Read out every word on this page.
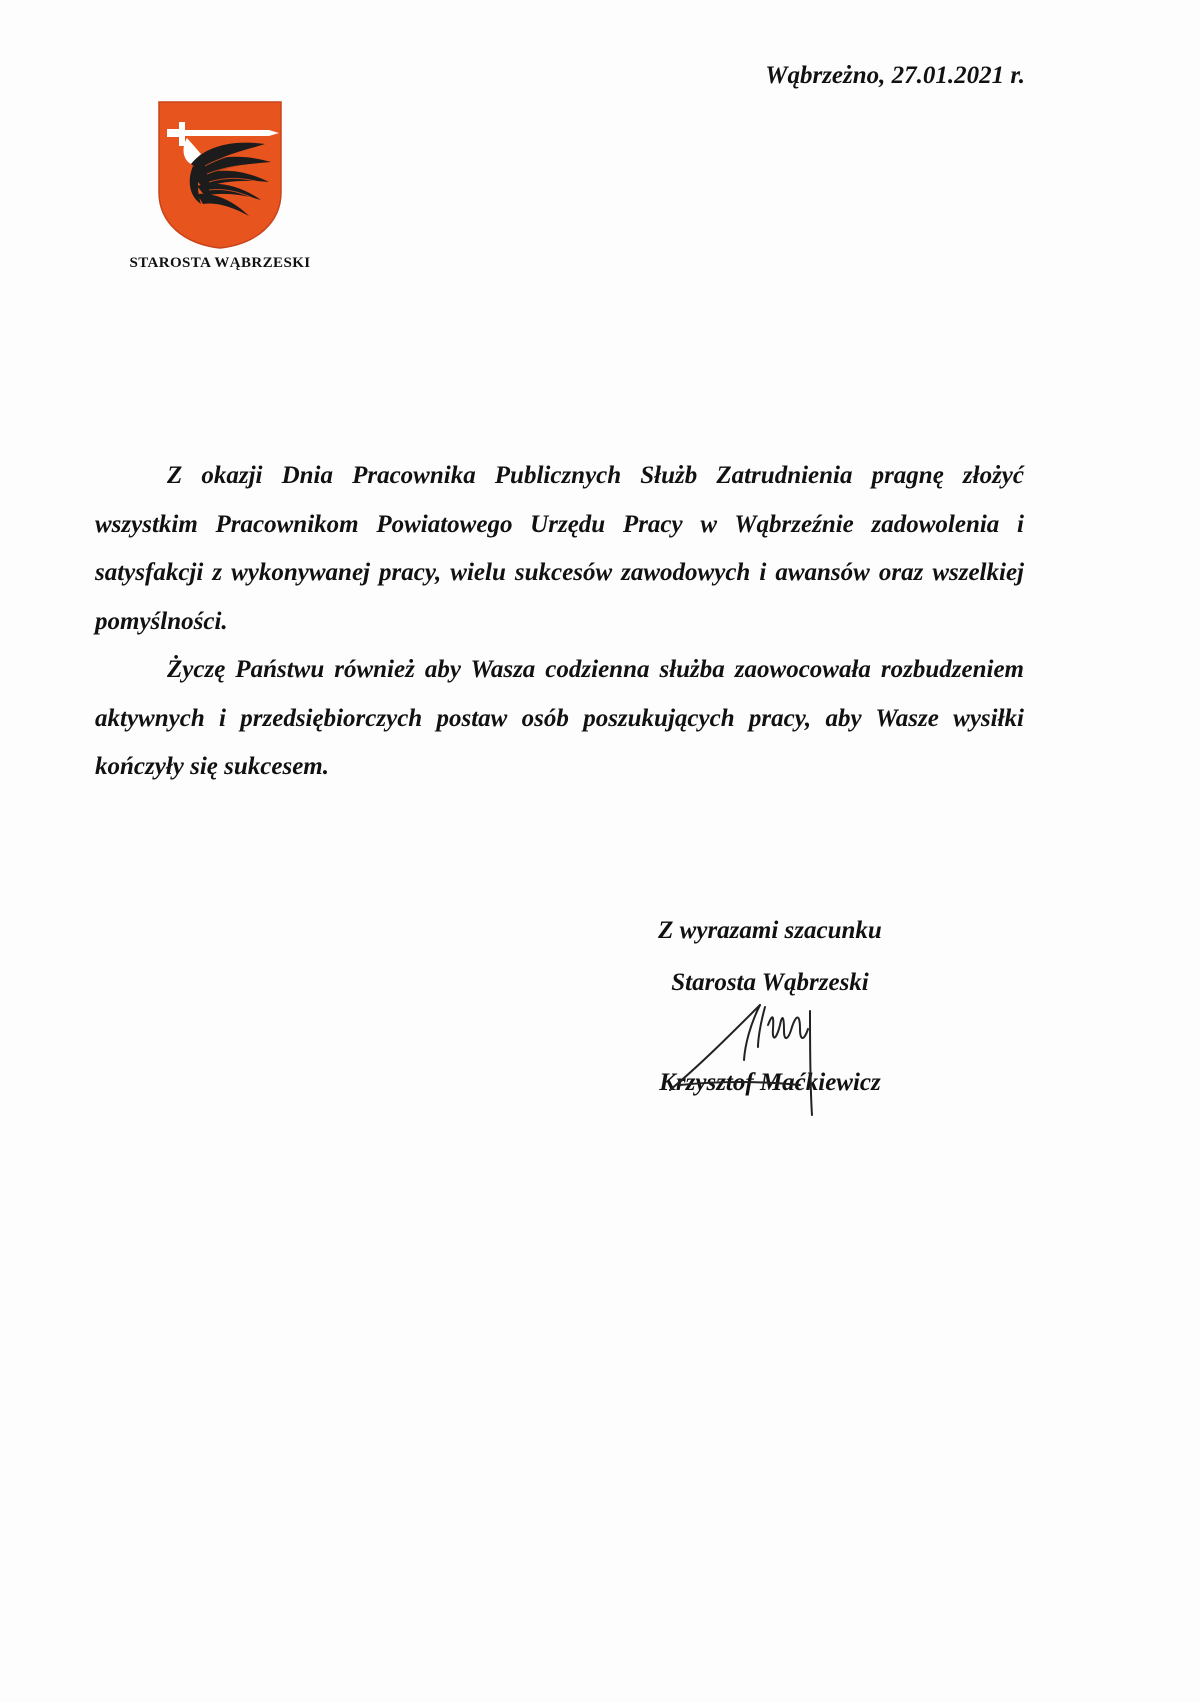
Wąbrzeżno, 27.01.2021 r.
STAROSTA WĄBRZESKI

Z okazji Dnia Pracownika Publicznych Służb Zatrudnienia pragnę złożyć wszystkim Pracownikom Powiatowego Urzędu Pracy w Wąbrzeźnie zadowolenia i satysfakcji z wykonywanej pracy, wielu sukcesów zawodowych i awansów oraz wszelkiej pomyślności.

Życzę Państwu również aby Wasza codzienna służba zaowocowała rozbudzeniem aktywnych i przedsiębiorczych postaw osób poszukujących pracy, aby Wasze wysiłki kończyły się sukcesem.

Z wyrazami szacunku
Starosta Wąbrzeski
Krzysztof Maćkiewicz
